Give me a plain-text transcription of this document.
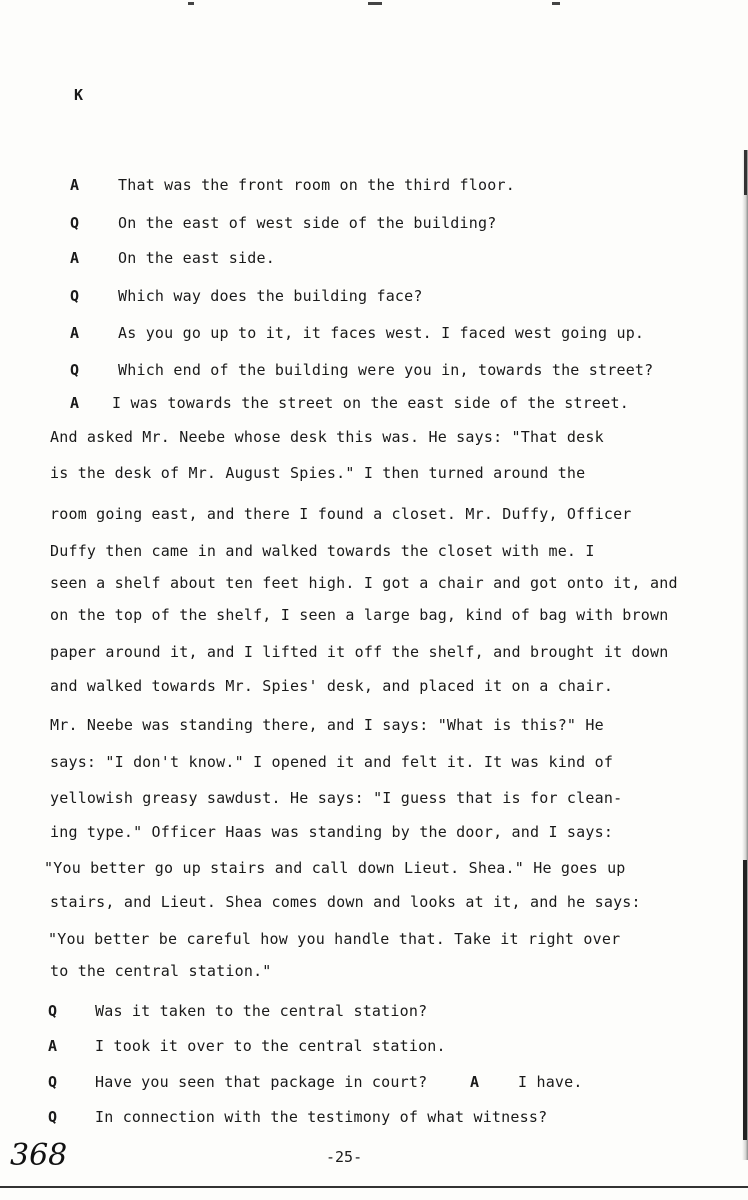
K
A	That was the front room on the third floor.
Q	On the east of west side of the building?
A	On the east side.
Q	Which way does the building face?
A	As you go up to it, it faces west. I faced west going up.
Q	Which end of the building were you in, towards the street?
A I was towards the street on the east side of the street.
And asked Mr. Neebe whose desk this was. He says: "That desk
is the desk of Mr. August Spies." I then turned around the
room going east, and there I found a closet. Mr. Duffy, Officer
Duffy then came in and walked towards the closet with me. I
seen a shelf about ten feet high. I got a chair and got onto it, and
on the top of the shelf, I seen a large bag, kind of bag with brown
paper around it, and I lifted it off the shelf, and brought it down
and walked towards Mr. Spies' desk, and placed it on a chair.
Mr. Neebe was standing there, and I says: "What is this?" He
says: "I don't know." I opened it and felt it. It was kind of
yellowish greasy sawdust. He says: "I guess that is for clean-
ing type." Officer Haas was standing by the door, and I says:
"You better go up stairs and call down Lieut. Shea." He goes up
stairs, and Lieut. Shea comes down and looks at it, and he says:
"You better be careful how you handle that. Take it right over
to the central station."
Q	Was it taken to the central station?
A	I took it over to the central station.
Q	Have you seen that package in court?	A	I have.
Q	In connection with the testimony of what witness?
368	-25-
